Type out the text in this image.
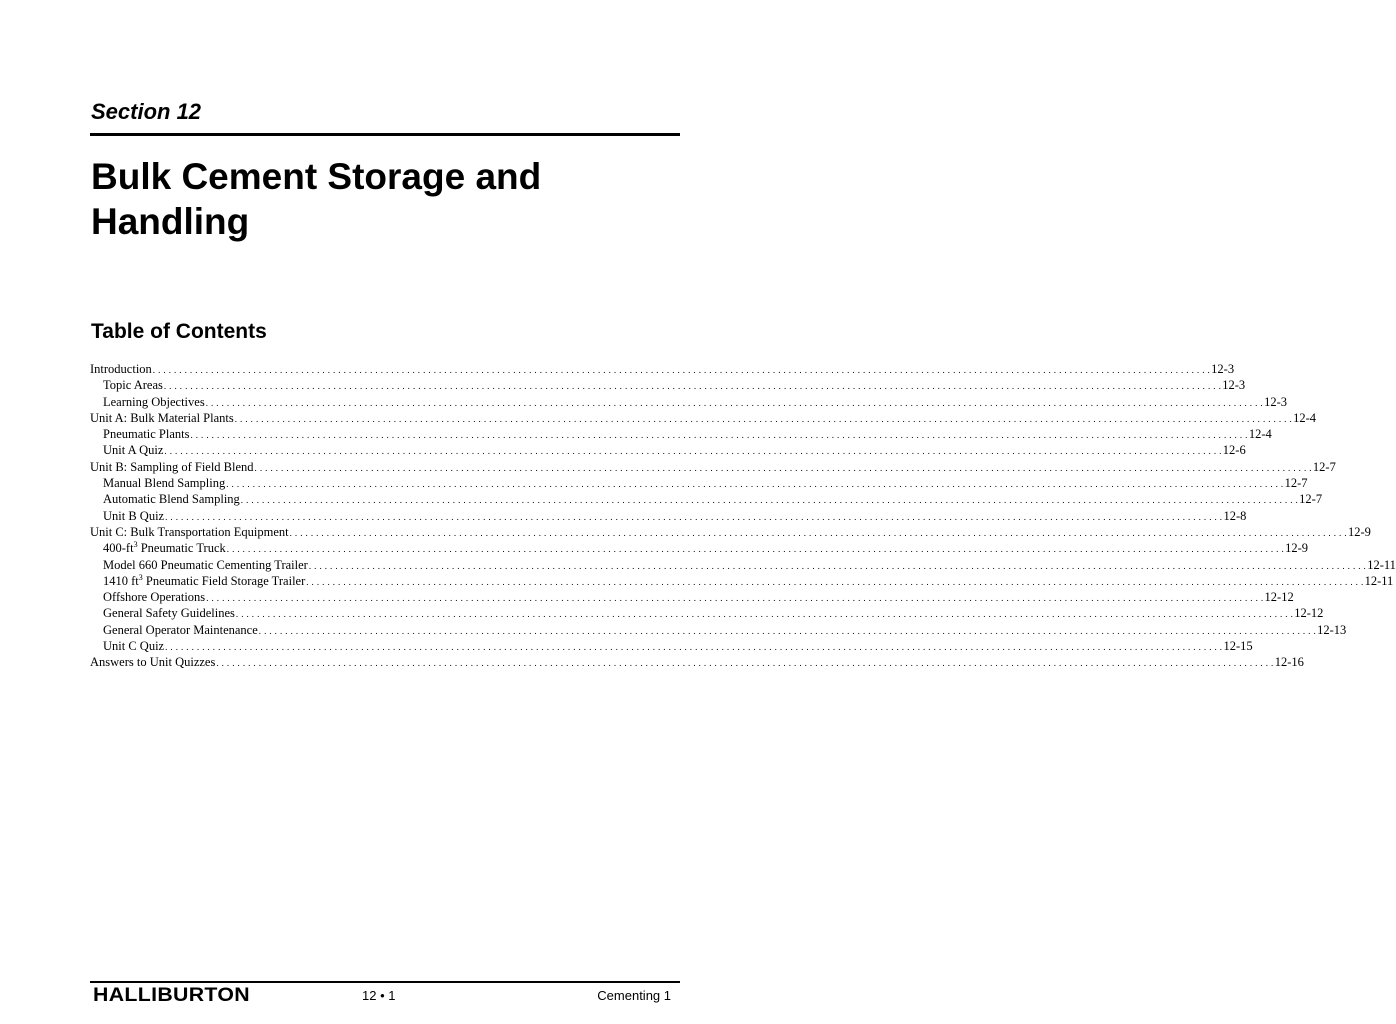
Section 12
Bulk Cement Storage and Handling
Table of Contents
Introduction . . . . . . . . . . . . . . . . . . . . . . . . . . . . . . . . . . . . . . . . . . . . . . . . . . . . . . . . . . . . . . . . . . . . . . . . . . . . . . . . . . . . . . . . . . . . . . . . . . . . . . . . . . . . . . . . . . . . . . . . . . . . . . . . . . . . . . . . . . . . . . . . . . . . . . . . . . . . . . . . . . . . . . . . . . . . . . . . . . . . . . . . . . . . . . . . . . . . . . . . 12-3
Topic Areas . . . . . . . . . . . . . . . . . . . . . . . . . . . . . . . . . . . . . . . . . . . . . . . . . . . . . . . . . . . . . . . . . . . . . . . . . . . . . . . . . . . . . . . . . . . . . . . . . . . . . . . . . . . . . . . . . . . . . . . . . . . . . . . . . . . . . . . . . . . . . . . . . . . . . . . . . . . . . . . . . . . . . . . . . . . . . . . . . . . . . . . . . . . . . . . . . . . . . . . . 12-3
Learning Objectives . . . . . . . . . . . . . . . . . . . . . . . . . . . . . . . . . . . . . . . . . . . . . . . . . . . . . . . . . . . . . . . . . . . . . . . . . . . . . . . . . . . . . . . . . . . . . . . . . . . . . . . . . . . . . . . . . . . . . . . . . . . . . . . . . . . . . . . . . . . . . . . . . . . . . . . . . . . . . . . . . . . . . . . . . . . . . . . . . . . . . . . . . . . . . . . . . . . . . . . . 12-3
Unit A: Bulk Material Plants . . . . . . . . . . . . . . . . . . . . . . . . . . . . . . . . . . . . . . . . . . . . . . . . . . . . . . . . . . . . . . . . . . . . . . . . . . . . . . . . . . . . . . . . . . . . . . . . . . . . . . . . . . . . . . . . . . . . . . . . . . . . . . . . . . . . . . . . . . . . . . . . . . . . . . . . . . . . . . . . . . . . . . . . . . . . . . . . . . . . . . . . . . . . . . . . . . . . . . . . 12-4
Pneumatic Plants . . . . . . . . . . . . . . . . . . . . . . . . . . . . . . . . . . . . . . . . . . . . . . . . . . . . . . . . . . . . . . . . . . . . . . . . . . . . . . . . . . . . . . . . . . . . . . . . . . . . . . . . . . . . . . . . . . . . . . . . . . . . . . . . . . . . . . . . . . . . . . . . . . . . . . . . . . . . . . . . . . . . . . . . . . . . . . . . . . . . . . . . . . . . . . . . . . . . . . . . 12-4
Unit A Quiz . . . . . . . . . . . . . . . . . . . . . . . . . . . . . . . . . . . . . . . . . . . . . . . . . . . . . . . . . . . . . . . . . . . . . . . . . . . . . . . . . . . . . . . . . . . . . . . . . . . . . . . . . . . . . . . . . . . . . . . . . . . . . . . . . . . . . . . . . . . . . . . . . . . . . . . . . . . . . . . . . . . . . . . . . . . . . . . . . . . . . . . . . . . . . . . . . . . . . . . . 12-6
Unit B: Sampling of Field Blend . . . . . . . . . . . . . . . . . . . . . . . . . . . . . . . . . . . . . . . . . . . . . . . . . . . . . . . . . . . . . . . . . . . . . . . . . . . . . . . . . . . . . . . . . . . . . . . . . . . . . . . . . . . . . . . . . . . . . . . . . . . . . . . . . . . . . . . . . . . . . . . . . . . . . . . . . . . . . . . . . . . . . . . . . . . . . . . . . . . . . . . . . . . . . . . . . . . . . . . . 12-7
Manual Blend Sampling . . . . . . . . . . . . . . . . . . . . . . . . . . . . . . . . . . . . . . . . . . . . . . . . . . . . . . . . . . . . . . . . . . . . . . . . . . . . . . . . . . . . . . . . . . . . . . . . . . . . . . . . . . . . . . . . . . . . . . . . . . . . . . . . . . . . . . . . . . . . . . . . . . . . . . . . . . . . . . . . . . . . . . . . . . . . . . . . . . . . . . . . . . . . . . . . . . . . . . . . 12-7
Automatic Blend Sampling . . . . . . . . . . . . . . . . . . . . . . . . . . . . . . . . . . . . . . . . . . . . . . . . . . . . . . . . . . . . . . . . . . . . . . . . . . . . . . . . . . . . . . . . . . . . . . . . . . . . . . . . . . . . . . . . . . . . . . . . . . . . . . . . . . . . . . . . . . . . . . . . . . . . . . . . . . . . . . . . . . . . . . . . . . . . . . . . . . . . . . . . . . . . . . . . . . . . . . . . 12-7
Unit B Quiz . . . . . . . . . . . . . . . . . . . . . . . . . . . . . . . . . . . . . . . . . . . . . . . . . . . . . . . . . . . . . . . . . . . . . . . . . . . . . . . . . . . . . . . . . . . . . . . . . . . . . . . . . . . . . . . . . . . . . . . . . . . . . . . . . . . . . . . . . . . . . . . . . . . . . . . . . . . . . . . . . . . . . . . . . . . . . . . . . . . . . . . . . . . . . . . . . . . . . . . . 12-8
Unit C: Bulk Transportation Equipment . . . . . . . . . . . . . . . . . . . . . . . . . . . . . . . . . . . . . . . . . . . . . . . . . . . . . . . . . . . . . . . . . . . . . . . . . . . . . . . . . . . . . . . . . . . . . . . . . . . . . . . . . . . . . . . . . . . . . . . . . . . . . . . . . . . . . . . . . . . . . . . . . . . . . . . . . . . . . . . . . . . . . . . . . . . . . . . . . . . . . . . . . . . . . . . . . . . . . . . . 12-9
$400-ft^3$ Pneumatic Truck . . . . . . . . . . . . . . . . . . . . . . . . . . . . . . . . . . . . . . . . . . . . . . . . . . . . . . . . . . . . . . . . . . . . . . . . . . . . . . . . . . . . . . . . . . . . . . . . . . . . . . . . . . . . . . . . . . . . . . . . . . . . . . . . . . . . . . . . . . . . . . . . . . . . . . . . . . . . . . . . . . . . . . . . . . . . . . . . . . . . . . . . . . . . . . . . . . . . . . . . 12-9
Model 660 Pneumatic Cementing Trailer . . . . . . . . . . . . . . . . . . . . . . . . . . . . . . . . . . . . . . . . . . . . . . . . . . . . . . . . . . . . . . . . . . . . . . . . . . . . . . . . . . . . . . . . . . . . . . . . . . . . . . . . . . . . . . . . . . . . . . . . . . . . . . . . . . . . . . . . . . . . . . . . . . . . . . . . . . . . . . . . . . . . . . . . . . . . . . . . . . . . . . . . . . . . . . . . . . . . . . . . 12-11
1410 $ft^3$ Pneumatic Field Storage Trailer . . . . . . . . . . . . . . . . . . . . . . . . . . . . . . . . . . . . . . . . . . . . . . . . . . . . . . . . . . . . . . . . . . . . . . . . . . . . . . . . . . . . . . . . . . . . . . . . . . . . . . . . . . . . . . . . . . . . . . . . . . . . . . . . . . . . . . . . . . . . . . . . . . . . . . . . . . . . . . . . . . . . . . . . . . . . . . . . . . . . . . . . . . . . . . . . . . . . . . . . 12-11
Offshore Operations . . . . . . . . . . . . . . . . . . . . . . . . . . . . . . . . . . . . . . . . . . . . . . . . . . . . . . . . . . . . . . . . . . . . . . . . . . . . . . . . . . . . . . . . . . . . . . . . . . . . . . . . . . . . . . . . . . . . . . . . . . . . . . . . . . . . . . . . . . . . . . . . . . . . . . . . . . . . . . . . . . . . . . . . . . . . . . . . . . . . . . . . . . . . . . . . . . . . . . . . 12-12
General Safety Guidelines . . . . . . . . . . . . . . . . . . . . . . . . . . . . . . . . . . . . . . . . . . . . . . . . . . . . . . . . . . . . . . . . . . . . . . . . . . . . . . . . . . . . . . . . . . . . . . . . . . . . . . . . . . . . . . . . . . . . . . . . . . . . . . . . . . . . . . . . . . . . . . . . . . . . . . . . . . . . . . . . . . . . . . . . . . . . . . . . . . . . . . . . . . . . . . . . . . . . . . . . 12-12
General Operator Maintenance . . . . . . . . . . . . . . . . . . . . . . . . . . . . . . . . . . . . . . . . . . . . . . . . . . . . . . . . . . . . . . . . . . . . . . . . . . . . . . . . . . . . . . . . . . . . . . . . . . . . . . . . . . . . . . . . . . . . . . . . . . . . . . . . . . . . . . . . . . . . . . . . . . . . . . . . . . . . . . . . . . . . . . . . . . . . . . . . . . . . . . . . . . . . . . . . . . . . . . . . 12-13
Unit C Quiz . . . . . . . . . . . . . . . . . . . . . . . . . . . . . . . . . . . . . . . . . . . . . . . . . . . . . . . . . . . . . . . . . . . . . . . . . . . . . . . . . . . . . . . . . . . . . . . . . . . . . . . . . . . . . . . . . . . . . . . . . . . . . . . . . . . . . . . . . . . . . . . . . . . . . . . . . . . . . . . . . . . . . . . . . . . . . . . . . . . . . . . . . . . . . . . . . . . . . . . . 12-15
Answers to Unit Quizzes . . . . . . . . . . . . . . . . . . . . . . . . . . . . . . . . . . . . . . . . . . . . . . . . . . . . . . . . . . . . . . . . . . . . . . . . . . . . . . . . . . . . . . . . . . . . . . . . . . . . . . . . . . . . . . . . . . . . . . . . . . . . . . . . . . . . . . . . . . . . . . . . . . . . . . . . . . . . . . . . . . . . . . . . . . . . . . . . . . . . . . . . . . . . . . . . . . . . . . . . 12-16
HALLIBURTON	12 • 1	Cementing 1
